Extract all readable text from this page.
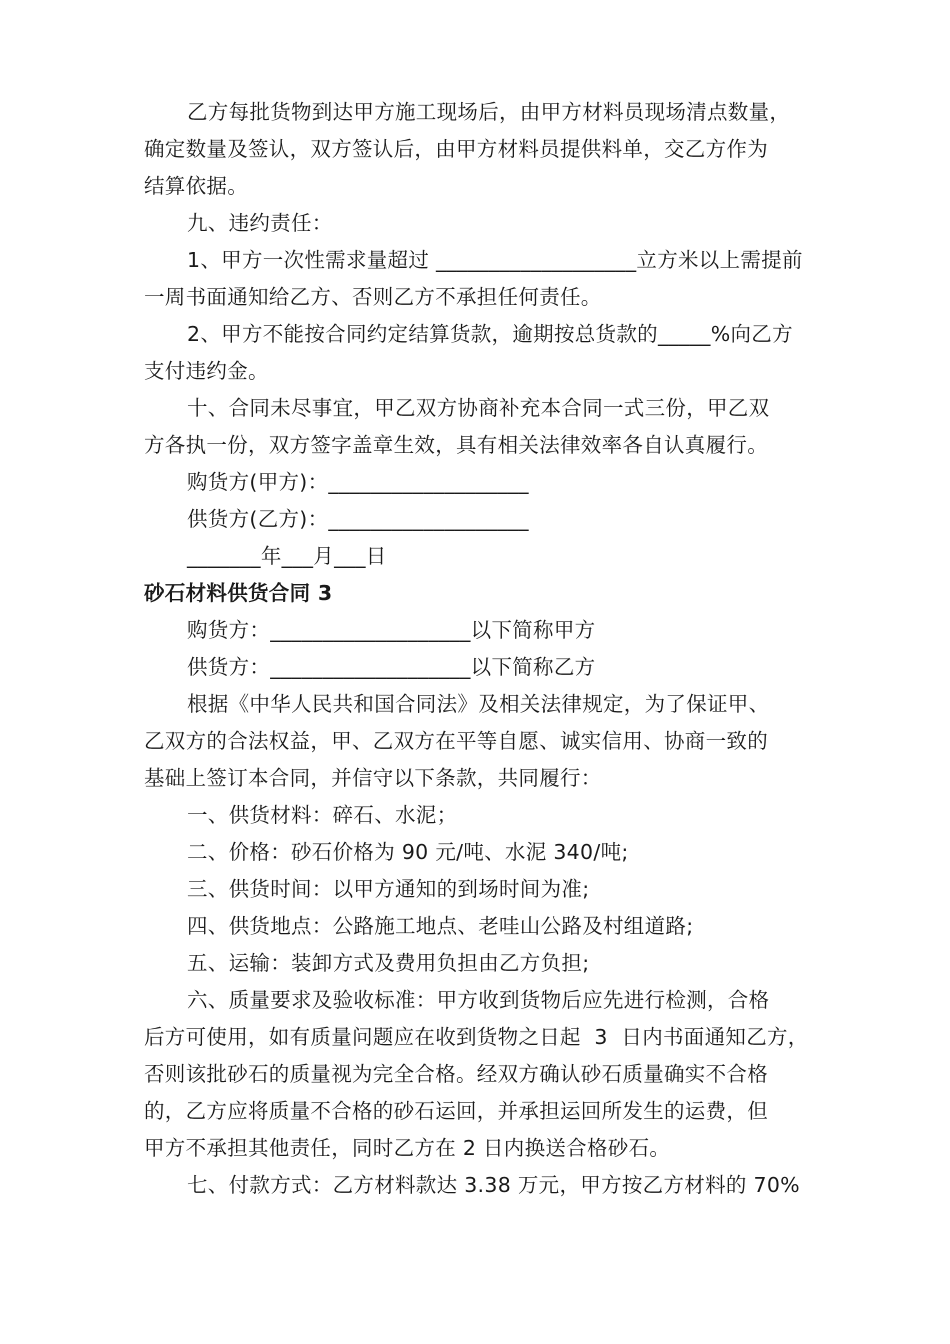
乙方每批货物到达甲方施工现场后，由甲方材料员现场清点数量，
确定数量及签认，双方签认后，由甲方材料员提供料单，交乙方作为
结算依据。
九、违约责任：
1、甲方一次性需求量超过 ___________________立方米以上需提前
一周书面通知给乙方、否则乙方不承担任何责任。
2、甲方不能按合同约定结算货款，逾期按总货款的_____%向乙方
支付违约金。
十、合同未尽事宜，甲乙双方协商补充本合同一式三份，甲乙双
方各执一份，双方签字盖章生效，具有相关法律效率各自认真履行。
购货方(甲方)：___________________
供货方(乙方)：___________________
_______年___月___日
砂石材料供货合同 3
购货方：___________________以下简称甲方
供货方：___________________以下简称乙方
根据《中华人民共和国合同法》及相关法律规定，为了保证甲、
乙双方的合法权益，甲、乙双方在平等自愿、诚实信用、协商一致的
基础上签订本合同，并信守以下条款，共同履行：
一、供货材料：碎石、水泥；
二、价格：砂石价格为 90 元/吨、水泥 340/吨;
三、供货时间：以甲方通知的到场时间为准;
四、供货地点：公路施工地点、老哇山公路及村组道路;
五、运输：装卸方式及费用负担由乙方负担;
六、质量要求及验收标准：甲方收到货物后应先进行检测，合格
后方可使用，如有质量问题应在收到货物之日起  3  日内书面通知乙方，
否则该批砂石的质量视为完全合格。经双方确认砂石质量确实不合格
的，乙方应将质量不合格的砂石运回，并承担运回所发生的运费，但
甲方不承担其他责任，同时乙方在 2 日内换送合格砂石。
七、付款方式：乙方材料款达 3.38 万元，甲方按乙方材料的 70%
